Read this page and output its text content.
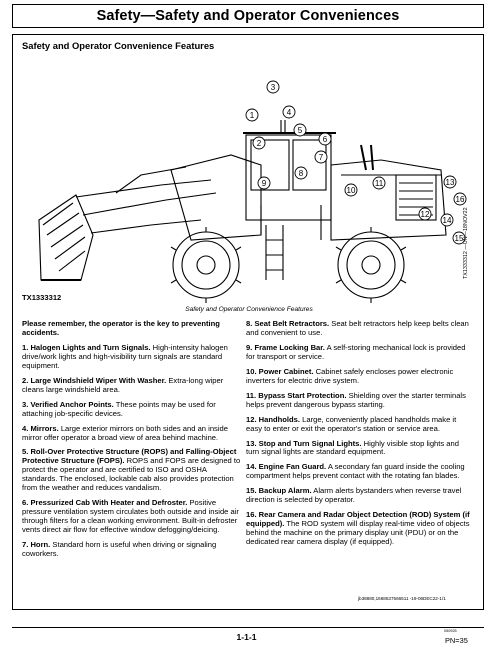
Safety—Safety and Operator Conveniences
Safety and Operator Convenience Features
3
1
2
4
5
6
7
8
9
10
11
12
13
14
15
16
TX1333312
TX1333312 —UN—18NOV22
Safety and Operator Convenience Features

Please remember, the operator is the key to preventing accidents.

1. Halogen Lights and Turn Signals. High-intensity halogen drive/work lights and high-visibility turn signals are standard equipment.

2. Large Windshield Wiper With Washer. Extra-long wiper cleans large windshield area.

3. Verified Anchor Points. These points may be used for attaching job-specific devices.

4. Mirrors. Large exterior mirrors on both sides and an inside mirror offer operator a broad view of area behind machine.

5. Roll-Over Protective Structure (ROPS) and Falling-Object Protective Structure (FOPS). ROPS and FOPS are designed to protect the operator and are certified to ISO and OSHA standards. The enclosed, lockable cab also provides protection from the weather and reduces vandalism.

6. Pressurized Cab With Heater and Defroster. Positive pressure ventilation system circulates both outside and inside air through filters for a clean working environment. Built-in defroster vents direct air flow for effective window defogging/deicing.

7. Horn. Standard horn is useful when driving or signaling coworkers.

8. Seat Belt Retractors. Seat belt retractors help keep belts clean and convenient to use.

9. Frame Locking Bar. A self-storing mechanical lock is provided for transport or service.

10. Power Cabinet. Cabinet safely encloses power electronic inverters for electric drive system.

11. Bypass Start Protection. Shielding over the starter terminals helps prevent dangerous bypass starting.

12. Handholds. Large, conveniently placed handholds make it easy to enter or exit the operator's station or service area.

13. Stop and Turn Signal Lights. Highly visible stop lights and turn signal lights are standard equipment.

14. Engine Fan Guard. A secondary fan guard inside the cooling compartment helps prevent contact with the rotating fan blades.

15. Backup Alarm. Alarm alerts bystanders when reverse travel direction is selected by operator.

16. Rear Camera and Radar Object Detection (ROD) System (if equipped). The ROD system will display real-time video of objects behind the machine on the primary display unit (PDU) or on the dedicated rear camera display (if equipped).

jb38880,1668537566511 -19-06DEC22-1/1
1-1-1
050925
PN=35
